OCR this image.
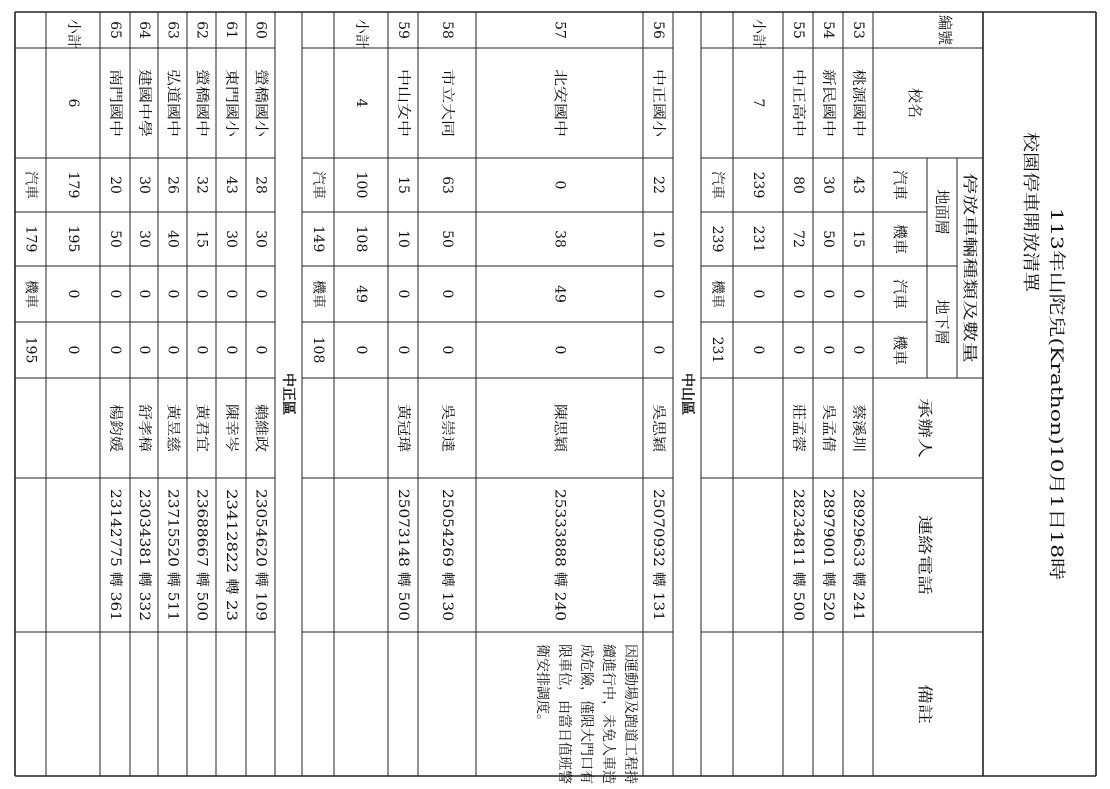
113年山陀兒(Krathon)10月1日18時
校園停車開放清單
編號
校名
停放車輛種類及數量
地面層
地下層
汽車
機車
汽車
機車
承辦人
連絡電話
備註
中山區
中正區
53
桃源國中
43
15
0
0
蔡溪圳
28929633 轉 241
54
新民國中
30
50
0
0
吳孟倩
28979001 轉 520
55
中正高中
80
72
0
0
莊孟蓉
28234811 轉 500
小計
7
239
231
0
0
汽車
239
機車
231
56
中正國小
22
10
0
0
吳思穎
25070932 轉 131
57
北安國中
0
38
49
0
陳思穎
25333888 轉 240
58
市立大同
63
50
0
0
吳崇達
25054269 轉 130
59
中山女中
15
10
0
0
黃冠瑋
25073148 轉 500
小計
4
100
108
49
0
汽車
149
機車
108
60
螢橋國小
28
30
0
0
賴維政
23054620 轉 109
61
東門國小
43
30
0
0
陳幸岑
23412822 轉 23
62
螢橋國中
32
15
0
0
黃君宜
23688667 轉 500
63
弘道國中
26
40
0
0
黃昱慈
23715520 轉 511
64
建國中學
30
30
0
0
舒孝樟
23034381 轉 332
65
南門國中
20
50
0
0
楊鈞媛
23142775 轉 361
小計
6
179
195
0
0
汽車
179
機車
195
因運動場及跑道工程持續進行中，未免人車造成危險，僅限大門口有限車位，由當日值班警衛安排調度。
